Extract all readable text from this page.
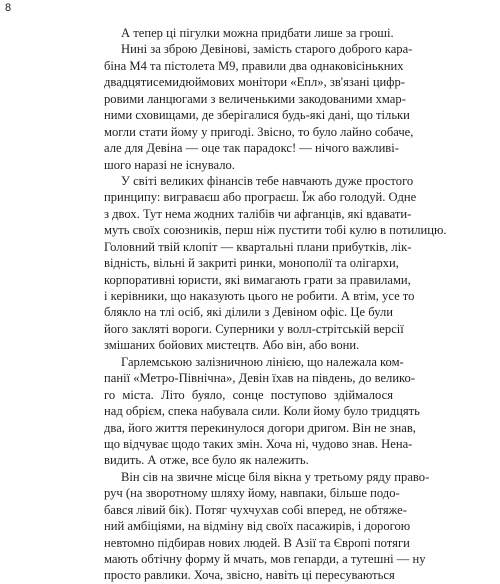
8
А тепер ці пігулки можна придбати лише за гроші.
Нині за зброю Девінові, замість старого доброго кара-
біна М4 та пістолета М9, правили два однаковісінькних
двадцятисемидюймових монітори «Епл», зв'язані цифр-
ровими ланцюгами з величенькими закодованими хмар-
ними сховищами, де зберігалися будь-які дані, що тільки
могли стати йому у пригоді. Звісно, то було лайно собаче,
але для Девіна — оце так парадокс! — нічого важливі-
шого наразі не існувало.
У світі великих фінансів тебе навчають дуже простого
принципу: виграваєш або програєш. Їж або голодуй. Одне
з двох. Тут нема жодних талібів чи афганців, які вдавати-
муть своїх союзників, перш ніж пустити тобі кулю в потилицю.
Головний твій клопіт — квартальні плани прибутків, лік-
відність, вільні й закриті ринки, монополії та олігархи,
корпоративні юристи, які вимагають грати за правилами,
і керівники, що наказують цього не робити. А втім, усе то
блякло на тлі осіб, які ділили з Девіном офіс. Це були
його заклятi вороги. Суперники у волл-стрітській версії
змішаних бойових мистецтв. Або він, або вони.
Гарлемською залізничною лінією, що належала ком-
панії «Метро-Північна», Девін їхав на південь, до велико-
го міста. Літо буяло, сонце поступово здіймалося
над обрієм, спека набувала сили. Коли йому було тридцять
два, його життя перекинулося догори дригом. Він не знав,
що відчуває щодо таких змін. Хоча ні, чудово знав. Нена-
видить. А отже, все було як належить.
Він сів на звичне місце біля вікна у третьому ряду право-
руч (на зворотному шляху йому, навпаки, більше подо-
бався лівий бік). Потяг чухчухав собі вперед, не обтяже-
ний амбіціями, на відміну від своїх пасажирів, і дорогою
невтомно підбирав нових людей. В Азії та Європі потяги
мають обтічну форму й мчать, мов гепарди, а тутешні — ну
просто равлики. Хоча, звісно, навіть ці пересуваються
